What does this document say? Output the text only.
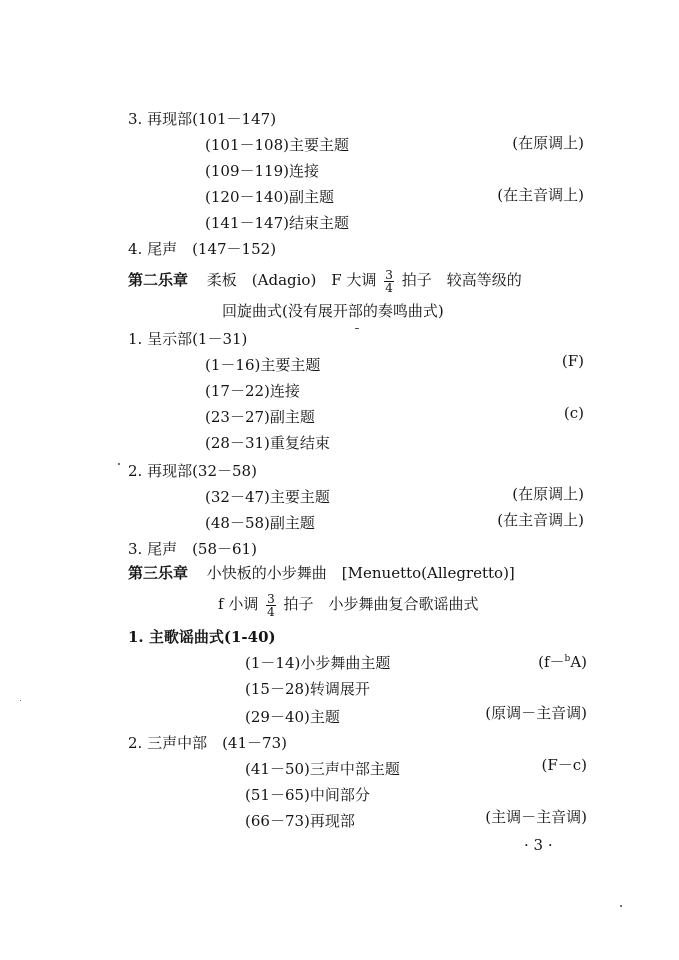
3. 再现部(101－147)
(101－108)主要主题	(在原调上)
(109－119)连接
(120－140)副主题	(在主音调上)
(141－147)结束主题
4. 尾声　(147－152)
第二乐章 柔板　(Adagio)　F 大调 $\frac{3}{4}$ 拍子　较高等级的
回旋曲式(没有展开部的奏鸣曲式)
1. 呈示部(1－31)
(1－16)主要主题	(F)
(17－22)连接
(23－27)副主题	(c)
(28－31)重复结束
2. 再现部(32－58)
(32－47)主要主题	(在原调上)
(48－58)副主题	(在主音调上)
3. 尾声　(58－61)
第三乐章 小快板的小步舞曲　[Menuetto(Allegretto)]
f 小调 $\frac{3}{4}$ 拍子　小步舞曲复合歌谣曲式
1. 主歌谣曲式(1-40)
(1－14)小步舞曲主题	(f－$^b$A)
(15－28)转调展开
(29－40)主题	(原调－主音调)
2. 三声中部　(41－73)
(41－50)三声中部主题	(F－c)
(51－65)中间部分
(66－73)再现部	(主调－主音调)
· 3 ·
